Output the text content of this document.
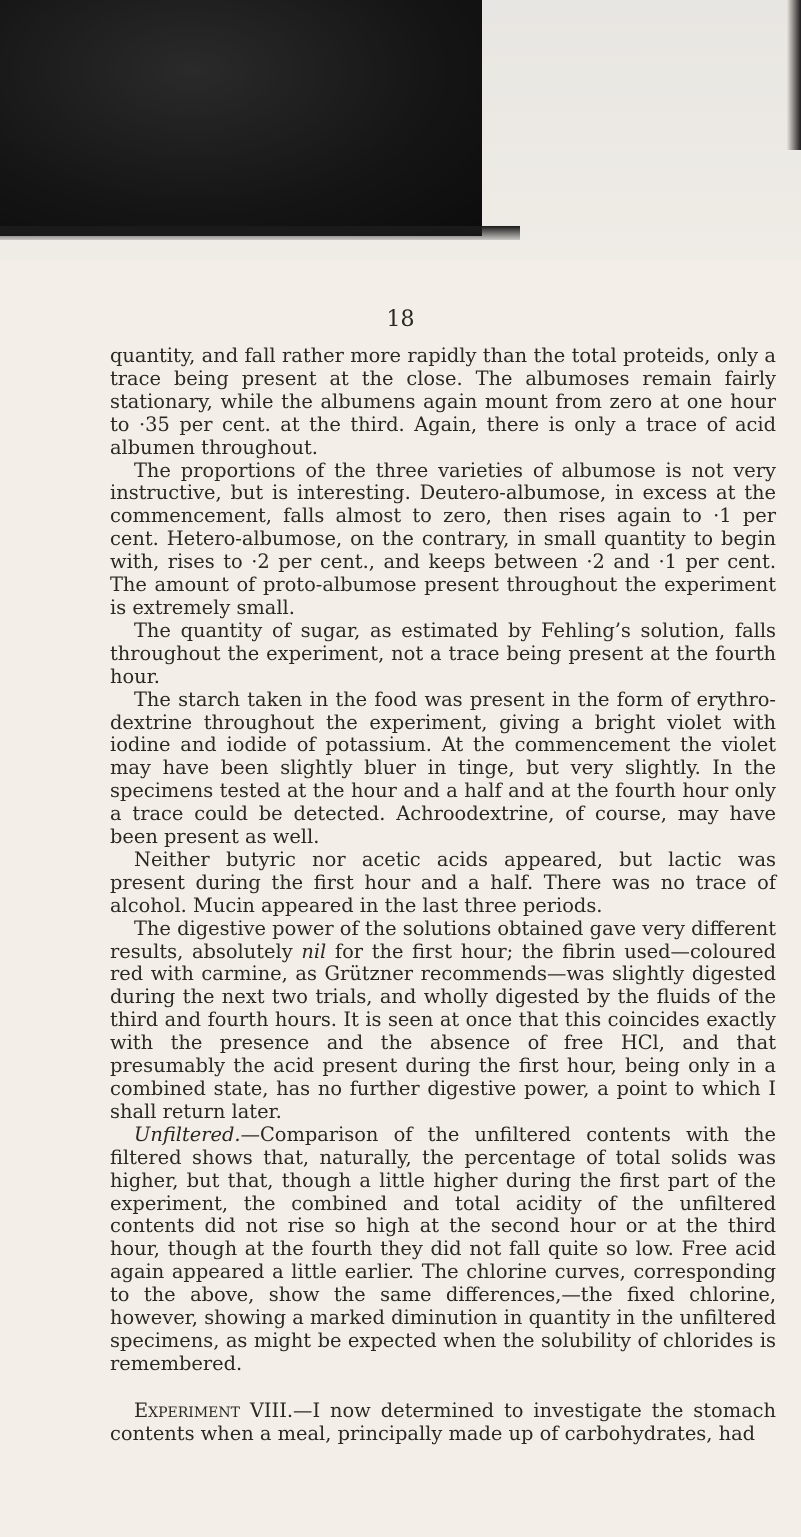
18

quantity, and fall rather more rapidly than the total proteids, only a trace being present at the close. The albumoses remain fairly stationary, while the albumens again mount from zero at one hour to ·35 per cent. at the third. Again, there is only a trace of acid albumen throughout.

The proportions of the three varieties of albumose is not very instructive, but is interesting. Deutero-albumose, in excess at the commencement, falls almost to zero, then rises again to ·1 per cent. Hetero-albumose, on the contrary, in small quantity to begin with, rises to ·2 per cent., and keeps between ·2 and ·1 per cent. The amount of proto-albumose present throughout the experiment is extremely small.

The quantity of sugar, as estimated by Fehling’s solution, falls throughout the experiment, not a trace being present at the fourth hour.

The starch taken in the food was present in the form of erythro-dextrine throughout the experiment, giving a bright violet with iodine and iodide of potassium. At the commencement the violet may have been slightly bluer in tinge, but very slightly. In the specimens tested at the hour and a half and at the fourth hour only a trace could be detected. Achroodextrine, of course, may have been present as well.

Neither butyric nor acetic acids appeared, but lactic was present during the first hour and a half. There was no trace of alcohol. Mucin appeared in the last three periods.

The digestive power of the solutions obtained gave very different results, absolutely nil for the first hour; the fibrin used—coloured red with carmine, as Grützner recommends—was slightly digested during the next two trials, and wholly digested by the fluids of the third and fourth hours. It is seen at once that this coincides exactly with the presence and the absence of free HCl, and that presumably the acid present during the first hour, being only in a combined state, has no further digestive power, a point to which I shall return later.

Unfiltered.—Comparison of the unfiltered contents with the filtered shows that, naturally, the percentage of total solids was higher, but that, though a little higher during the first part of the experiment, the combined and total acidity of the unfiltered contents did not rise so high at the second hour or at the third hour, though at the fourth they did not fall quite so low. Free acid again appeared a little earlier. The chlorine curves, corresponding to the above, show the same differences,—the fixed chlorine, however, showing a marked diminution in quantity in the unfiltered specimens, as might be expected when the solubility of chlorides is remembered.

Experiment VIII.—I now determined to investigate the stomach contents when a meal, principally made up of carbohydrates, had
